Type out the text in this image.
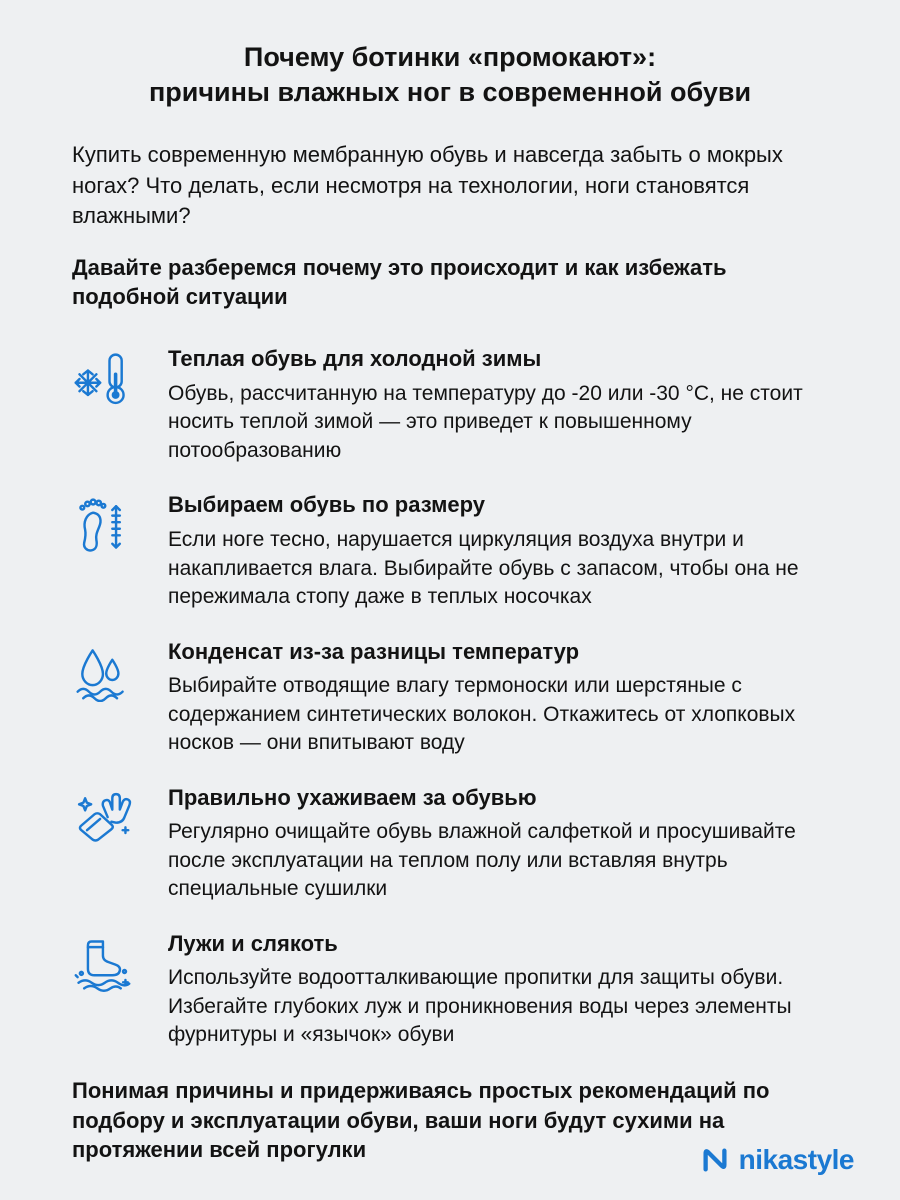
Почему ботинки «промокают»:
причины влажных ног в современной обуви

Купить современную мембранную обувь и навсегда забыть о мокрых ногах? Что делать, если несмотря на технологии, ноги становятся влажными?

Давайте разберемся почему это происходит и как избежать подобной ситуации

Теплая обувь для холодной зимы

Обувь, рассчитанную на температуру до -20 или -30 °С, не стоит носить теплой зимой — это приведет к повышенному потообразованию

Выбираем обувь по размеру

Если ноге тесно, нарушается циркуляция воздуха внутри и накапливается влага. Выбирайте обувь с запасом, чтобы она не пережимала стопу даже в теплых носочках

Конденсат из-за разницы температур

Выбирайте отводящие влагу термоноски или шерстяные с содержанием синтетических волокон. Откажитесь от хлопковых носков — они впитывают воду

Правильно ухаживаем за обувью

Регулярно очищайте обувь влажной салфеткой и просушивайте после эксплуатации на теплом полу или вставляя внутрь специальные сушилки

Лужи и слякоть

Используйте водоотталкивающие пропитки для защиты обуви. Избегайте глубоких луж и проникновения воды через элементы фурнитуры и «язычок» обуви

Понимая причины и придерживаясь простых рекомендаций по подбору и эксплуатации обуви, ваши ноги будут сухими на протяжении всей прогулки	nikastyle
